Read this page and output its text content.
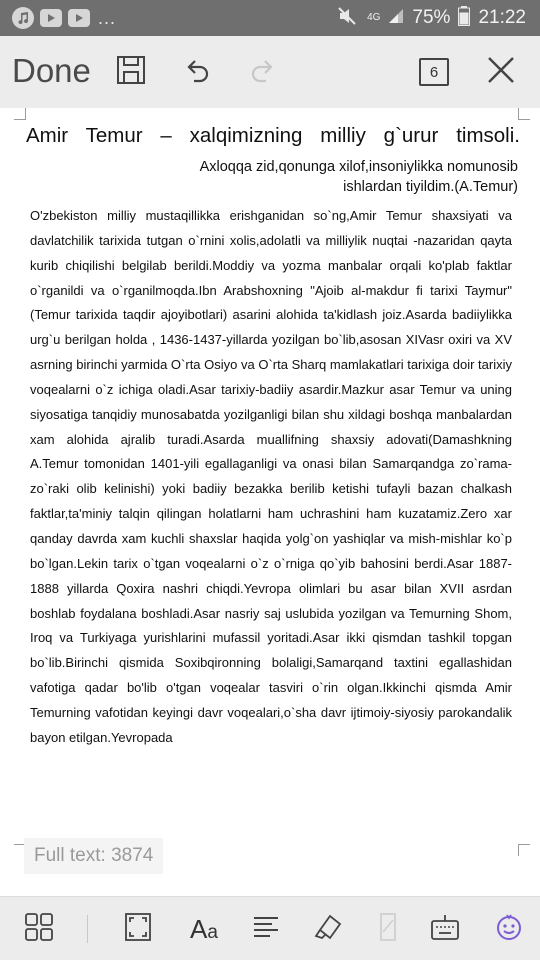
...	4G 75% 21:22
Done	6
Amir Temur – xalqimizning milliy g`urur timsoli.
Axloqqa zid,qonunga xilof,insoniylikka nomunosib ishlardan tiyildim.(A.Temur)
O'zbekiston milliy mustaqillikka erishganidan so`ng,Amir Temur shaxsiyati va davlatchilik tarixida tutgan o`rnini xolis,adolatli va milliylik nuqtai -nazaridan qayta kurib chiqilishi belgilab berildi.Moddiy va yozma manbalar orqali ko'plab faktlar o`rganildi va o`rganilmoqda.Ibn Arabshoxning "Ajoib al-makdur fi tarixi Taymur"(Temur tarixida taqdir ajoyibotlari) asarini alohida ta'kidlash joiz.Asarda badiiylikka urg`u berilgan holda , 1436-1437-yillarda yozilgan bo`lib,asosan XIVasr oxiri va XV asrning birinchi yarmida O`rta Osiyo va O`rta Sharq mamlakatlari tarixiga doir tarixiy voqealarni o`z ichiga oladi.Asar tarixiy-badiiy asardir.Mazkur asar Temur va uning siyosatiga tanqidiy munosabatda yozilganligi bilan shu xildagi boshqa manbalardan xam alohida ajralib turadi.Asarda muallifning shaxsiy adovati(Damashkning A.Temur tomonidan 1401-yili egallaganligi va onasi bilan Samarqandga zo`rama-zo`raki olib kelinishi) yoki badiiy bezakka berilib ketishi tufayli bazan chalkash faktlar,ta'miniy talqin qilingan holatlarni ham uchrashini ham kuzatamiz.Zero xar qanday davrda xam kuchli shaxslar haqida yolg`on yashiqlar va mish-mishlar ko`p bo`lgan.Lekin tarix o`tgan voqealarni o`z o`rniga qo`yib bahosini berdi.Asar 1887-1888 yillarda Qoxira nashri chiqdi.Yevropa olimlari bu asar bilan XVII asrdan boshlab foydalana boshladi.Asar nasriy saj uslubida yozilgan va Temurning Shom, Iroq va Turkiyaga yurishlarini mufassil yoritadi.Asar ikki qismdan tashkil topgan bo`lib.Birinchi qismida Soxibqironning bolaligi,Samarqand taxtini egallashidan vafotiga qadar bo'lib o'tgan voqealar tasviri o`rin olgan.Ikkinchi qismda Amir Temurning vafotidan keyingi davr voqealari,o`sha davr ijtimoiy-siyosiy parokandalik bayon etilgan.Yevropada
Full text: 3874
Aa
